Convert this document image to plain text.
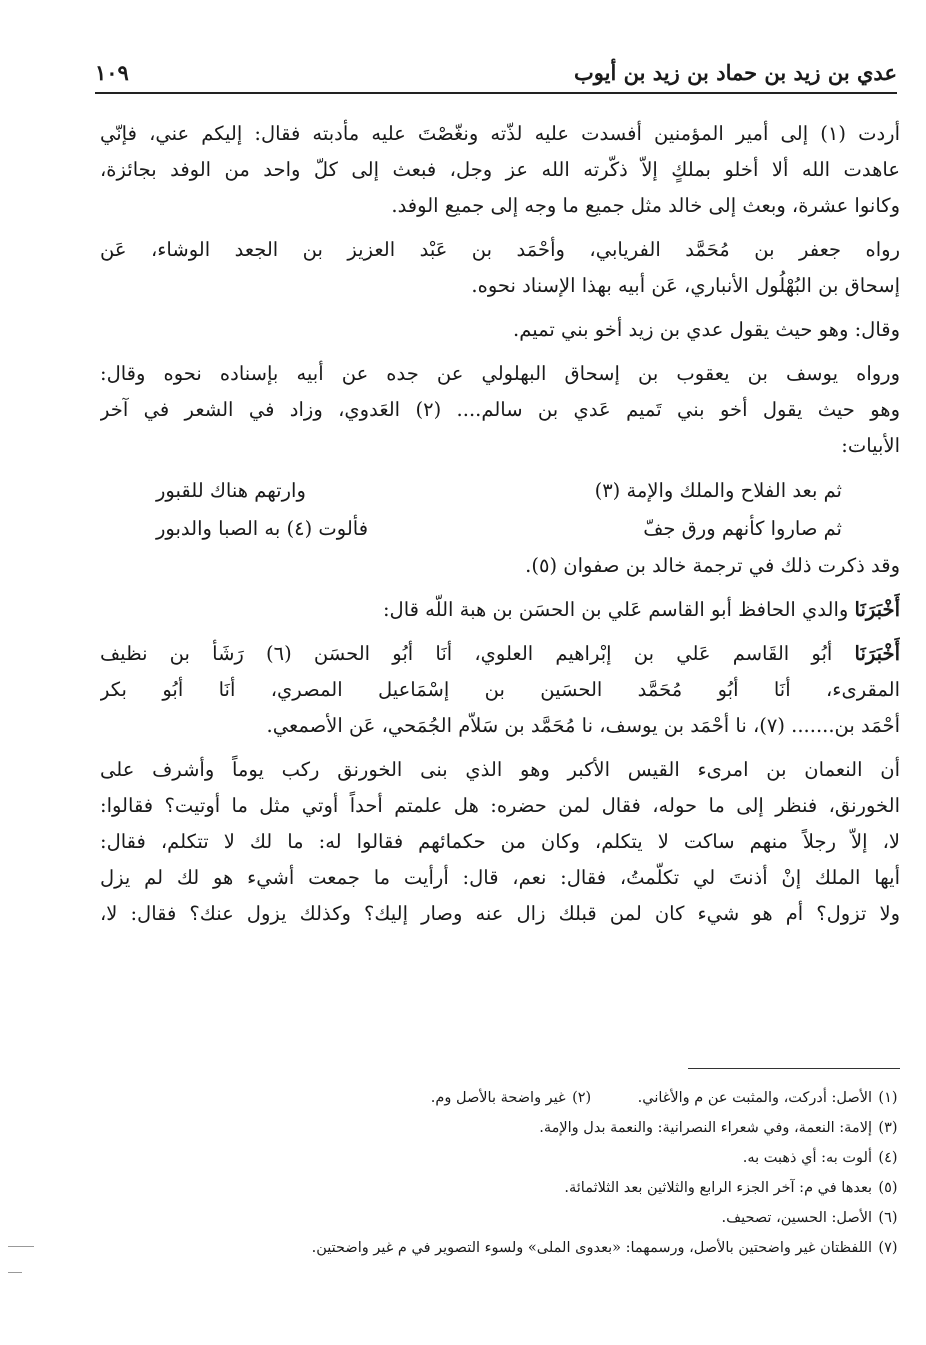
عدي بن زيد بن حماد بن زيد بن أيوب
١٠٩
أردت (١) إلى أمير المؤمنين أفسدت عليه لذّته ونغّصْتَ عليه مأدبته فقال: إليكم عني، فإنّي
عاهدت الله ألا أخلو بملكٍ إلاّ ذكّرته الله عز وجل، فبعث إلى كلّ واحد من الوفد بجائزة،
وكانوا عشرة، وبعث إلى خالد مثل جميع ما وجه إلى جميع الوفد.
رواه جعفر بن مُحَمَّد الفريابي، وأحْمَد بن عَبْد العزيز بن الجعد الوشاء، عَن
إسحاق بن البُهْلُول الأنباري، عَن أبيه بهذا الإسناد نحوه.
وقال: وهو حيث يقول عدي بن زيد أخو بني تميم.
ورواه يوسف بن يعقوب بن إسحاق البهلولي عن جده عن أبيه بإسناده نحوه وقال:
وهو حيث يقول أخو بني تَميم عَدي بن سالم.... (٢) العَدوي، وزاد في الشعر في آخر
الأبيات:
ثم بعد الفلاح والملك والإمة (٣)
وارتهم هناك للقبور
ثم صاروا كأنهم ورق جفّ
فألوت (٤) به الصبا والدبور
وقد ذكرت ذلك في ترجمة خالد بن صفوان (٥).
أَخْبَرَنَا والدي الحافظ أبو القاسم عَلي بن الحسَن بن هبة اللّه قال:
أَخْبَرَنَا أبُو القَاسم عَلي بن إبْراهيم العلوي، أنَا أبُو الحسَن (٦) رَشَأ بن نظيف
المقرىء، أنَا أبُو مُحَمَّد الحسَين بن إسْمَاعيل المصري، أنَا أبُو بكر
أحْمَد بن....... (٧)، نا أحْمَد بن يوسف، نا مُحَمَّد بن سَلاّم الجُمَحي، عَن الأصمعي.
أن النعمان بن امرىء القيس الأكبر وهو الذي بنى الخورنق ركب يوماً وأشرف على
الخورنق، فنظر إلى ما حوله، فقال لمن حضره: هل علمتم أحداً أوتي مثل ما أوتيت؟ فقالوا:
لا، إلاّ رجلاً منهم ساكت لا يتكلم، وكان من حكمائهم فقالوا له: ما لك لا تتكلم، فقال:
أيها الملك إنْ أذنتَ لي تكلّمتُ، فقال: نعم، قال: أرأيت ما جمعت أشيء هو لك لم يزل
ولا تزول؟ أم هو شيء كان لمن قبلك زال عنه وصار إليك؟ وكذلك يزول عنك؟ فقال: لا،
(١)
الأصل: أدركت، والمثبت عن م والأغاني.
(٢)
غير واضحة بالأصل وم.
(٣)
إلامة: النعمة، وفي شعراء النصرانية: والنعمة بدل والإمة.
(٤)
ألوت به: أي ذهبت به.
(٥)
بعدها في م: آخر الجزء الرابع والثلاثين بعد الثلاثمائة.
(٦)
الأصل: الحسين، تصحيف.
(٧)
اللفظتان غير واضحتين بالأصل، ورسمهما: «بعدوى الملى» ولسوء التصوير في م غير واضحتين.
